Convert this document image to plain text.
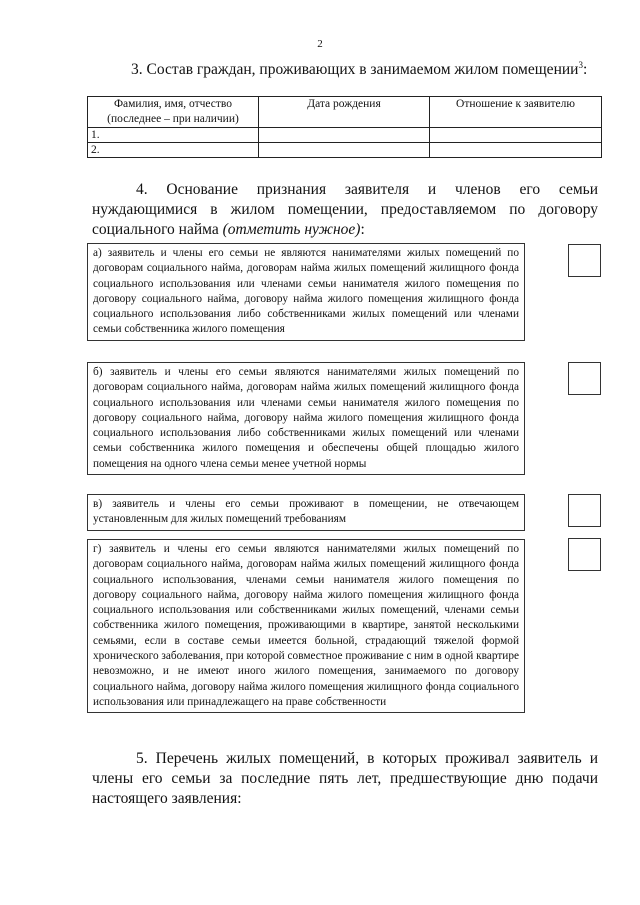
2
3. Состав граждан, проживающих в занимаемом жилом помещении$^3$:
Фамилия, имя, отчество (последнее – при наличии)	Дата рождения	Отношение к заявителю
1.		
2.		
4. Основание признания заявителя и членов его семьи нуждающимися в жилом помещении, предоставляемом по договору социального найма (отметить нужное):
а) заявитель и члены его семьи не являются нанимателями жилых помещений по договорам социального найма, договорам найма жилых помещений жилищного фонда социального использования или членами семьи нанимателя жилого помещения по договору социального найма, договору найма жилого помещения жилищного фонда социального использования либо собственниками жилых помещений или членами семьи собственника жилого помещения
б) заявитель и члены его семьи являются нанимателями жилых помещений по договорам социального найма, договорам найма жилых помещений жилищного фонда социального использования или членами семьи нанимателя жилого помещения по договору социального найма, договору найма жилого помещения жилищного фонда социального использования либо собственниками жилых помещений или членами семьи собственника жилого помещения и обеспечены общей площадью жилого помещения на одного члена семьи менее учетной нормы
в) заявитель и члены его семьи проживают в помещении, не отвечающем установленным для жилых помещений требованиям
г) заявитель и члены его семьи являются нанимателями жилых помещений по договорам социального найма, договорам найма жилых помещений жилищного фонда социального использования, членами семьи нанимателя жилого помещения по договору социального найма, договору найма жилого помещения жилищного фонда социального использования или собственниками жилых помещений, членами семьи собственника жилого помещения, проживающими в квартире, занятой несколькими семьями, если в составе семьи имеется больной, страдающий тяжелой формой хронического заболевания, при которой совместное проживание с ним в одной квартире невозможно, и не имеют иного жилого помещения, занимаемого по договору социального найма, договору найма жилого помещения жилищного фонда социального использования или принадлежащего на праве собственности
5. Перечень жилых помещений, в которых проживал заявитель и члены его семьи за последние пять лет, предшествующие дню подачи настоящего заявления:
